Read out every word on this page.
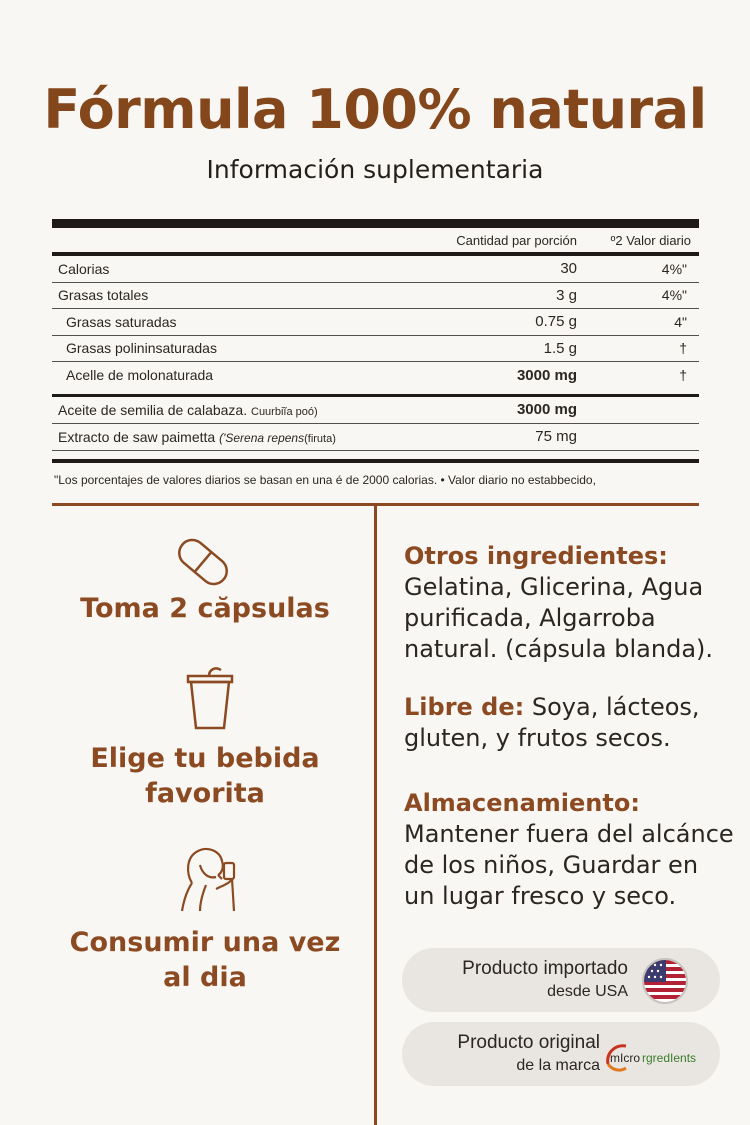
Fórmula 100% natural
Información suplementaria
Cantidad par porción	º2 Valor diario
Calorias	30	4%"
Grasas totales	3 g	4%"
Grasas saturadas	0.75 g	4"
Grasas polininsaturadas	1.5 g	†
Acelle de molonaturada	3000 mg	†
Aceite de semilia de calabaza. Cuurbiĩa poó)	3000 mg
Extracto de saw paimetta ('Serena repens(firuta)	75 mg
"Los porcentajes de valores diarios se basan en una é de 2000 calorias. • Valor diario no estabbecido,
Toma 2 căpsulas
Elige tu bebida favorita
Consumir una vez al dia
Otros ingredientes:
Gelatina, Glicerina, Agua purificada, Algarroba natural. (cápsula blanda).
Libre de: Soya, lácteos, gluten, y frutos secos.
Almacenamiento:
Mantener fuera del alcánce de los niños, Guardar en un lugar fresco y seco.
Producto importado
desde USA
Producto original
de la marca mIcro rgredIents
